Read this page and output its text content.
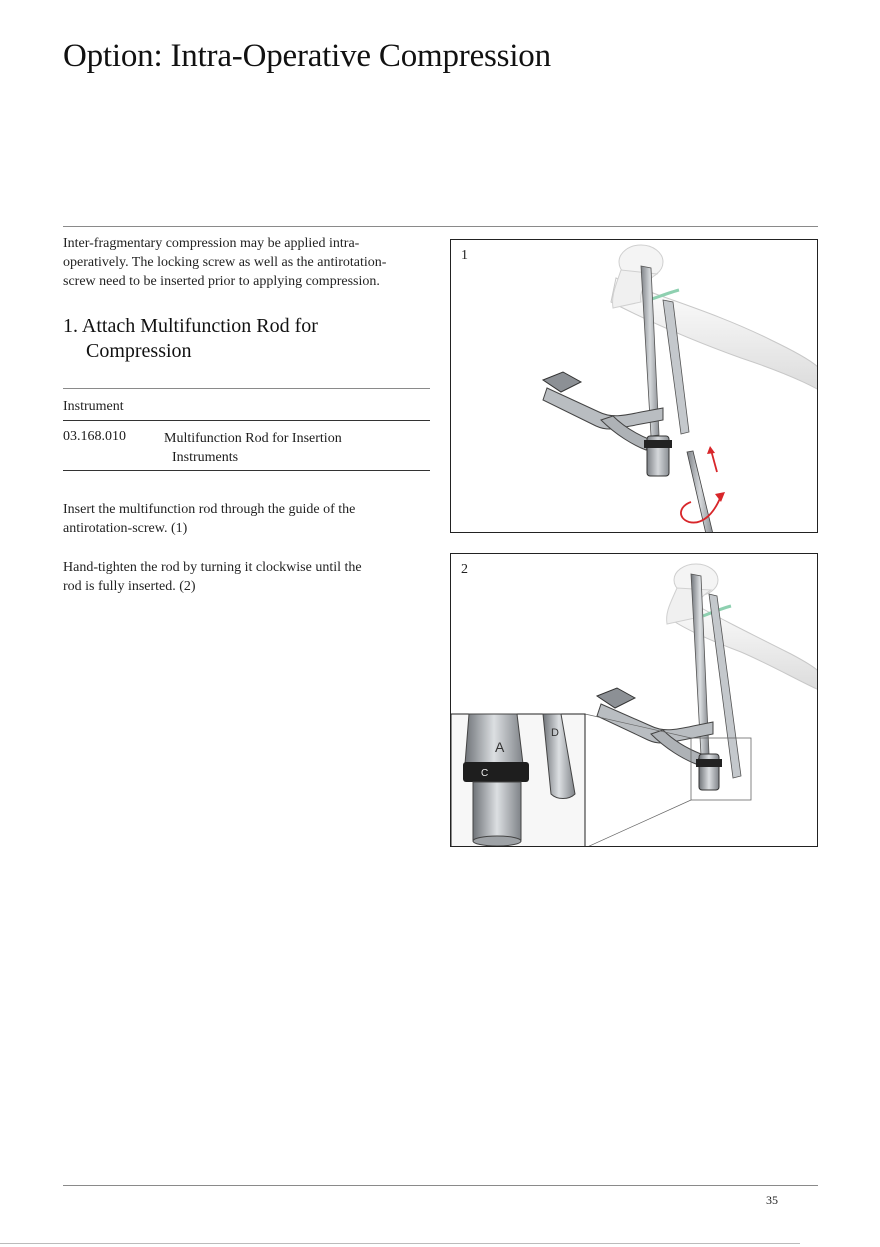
Option: Intra-Operative Compression

Inter-fragmentary compression may be applied intra-
operatively. The locking screw as well as the antirotation-
screw need to be inserted prior to applying compression.

1. Attach Multifunction Rod for
Compression
Instrument
03.168.010	Multifunction Rod for Insertion
Instruments

Insert the multifunction rod through the guide of the
antirotation-screw. (1)

Hand-tighten the rod by turning it clockwise until the
rod is fully inserted. (2)

1
A
D
C
2
35
